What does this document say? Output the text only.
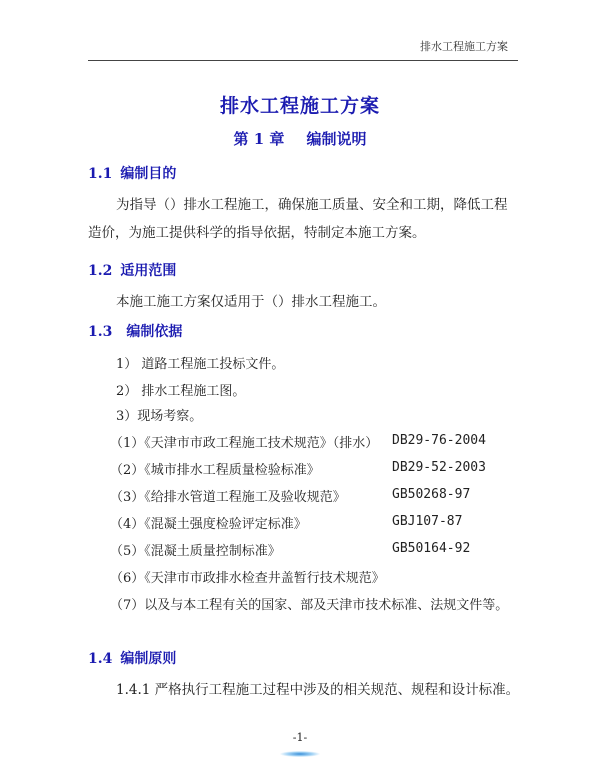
排水工程施工方案
排水工程施工方案
第 1 章 编制说明
1.1 编制目的
为指导（）排水工程施工，确保施工质量、安全和工期，降低工程
造价，为施工提供科学的指导依据，特制定本施工方案。
1.2 适用范围
本施工施工方案仅适用于（）排水工程施工。
1.3 编制依据
1） 道路工程施工投标文件。
2） 排水工程施工图。
3）现场考察。
（1）《天津市市政工程施工技术规范》（排水） DB29-76-2004
（2）《城市排水工程质量检验标准》	DB29-52-2003
（3）《给排水管道工程施工及验收规范》	GB50268-97
（4）《混凝土强度检验评定标准》	GBJ107-87
（5）《混凝土质量控制标准》	GB50164-92
（6）《天津市市政排水检查井盖暂行技术规范》
（7）以及与本工程有关的国家、部及天津市技术标准、法规文件等。
1.4 编制原则
1.4.1 严格执行工程施工过程中涉及的相关规范、规程和设计标准。
-1-
